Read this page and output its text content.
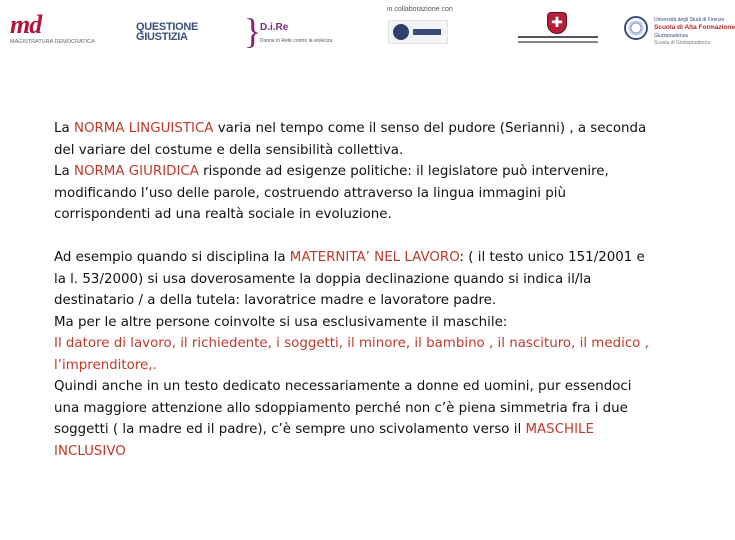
md
MAGISTRATURA DEMOCRATICA
QUESTIONE
GIUSTIZIA	}
D.i.Re
Donne in Rete contro la violenza
in collaborazione con
✚	Università degli Studi di Firenze
Scuola di Alta Formazione
Giurisprudenza
Scuola di Giurisprudenza

La NORMA LINGUISTICA varia nel tempo come il senso del pudore (Serianni) , a seconda del variare del costume e della sensibilità collettiva.

La NORMA GIURIDICA risponde ad esigenze politiche: il legislatore può intervenire, modificando l’uso delle parole, costruendo attraverso la lingua immagini più corrispondenti ad una realtà sociale in evoluzione.

Ad esempio quando si disciplina la MATERNITA’ NEL LAVORO: ( il testo unico 151/2001 e la l. 53/2000) si usa doverosamente la doppia declinazione quando si indica il/la destinatario / a della tutela: lavoratrice madre e lavoratore padre.

Ma per le altre persone coinvolte si usa esclusivamente il maschile:

Il datore di lavoro, il richiedente, i soggetti, il minore, il bambino , il nascituro, il medico , l’imprenditore,.

Quindi anche in un testo dedicato necessariamente a donne ed uomini, pur essendoci una maggiore attenzione allo sdoppiamento perché non c’è piena simmetria fra i due soggetti ( la madre ed il padre), c’è sempre uno scivolamento verso il MASCHILE INCLUSIVO
